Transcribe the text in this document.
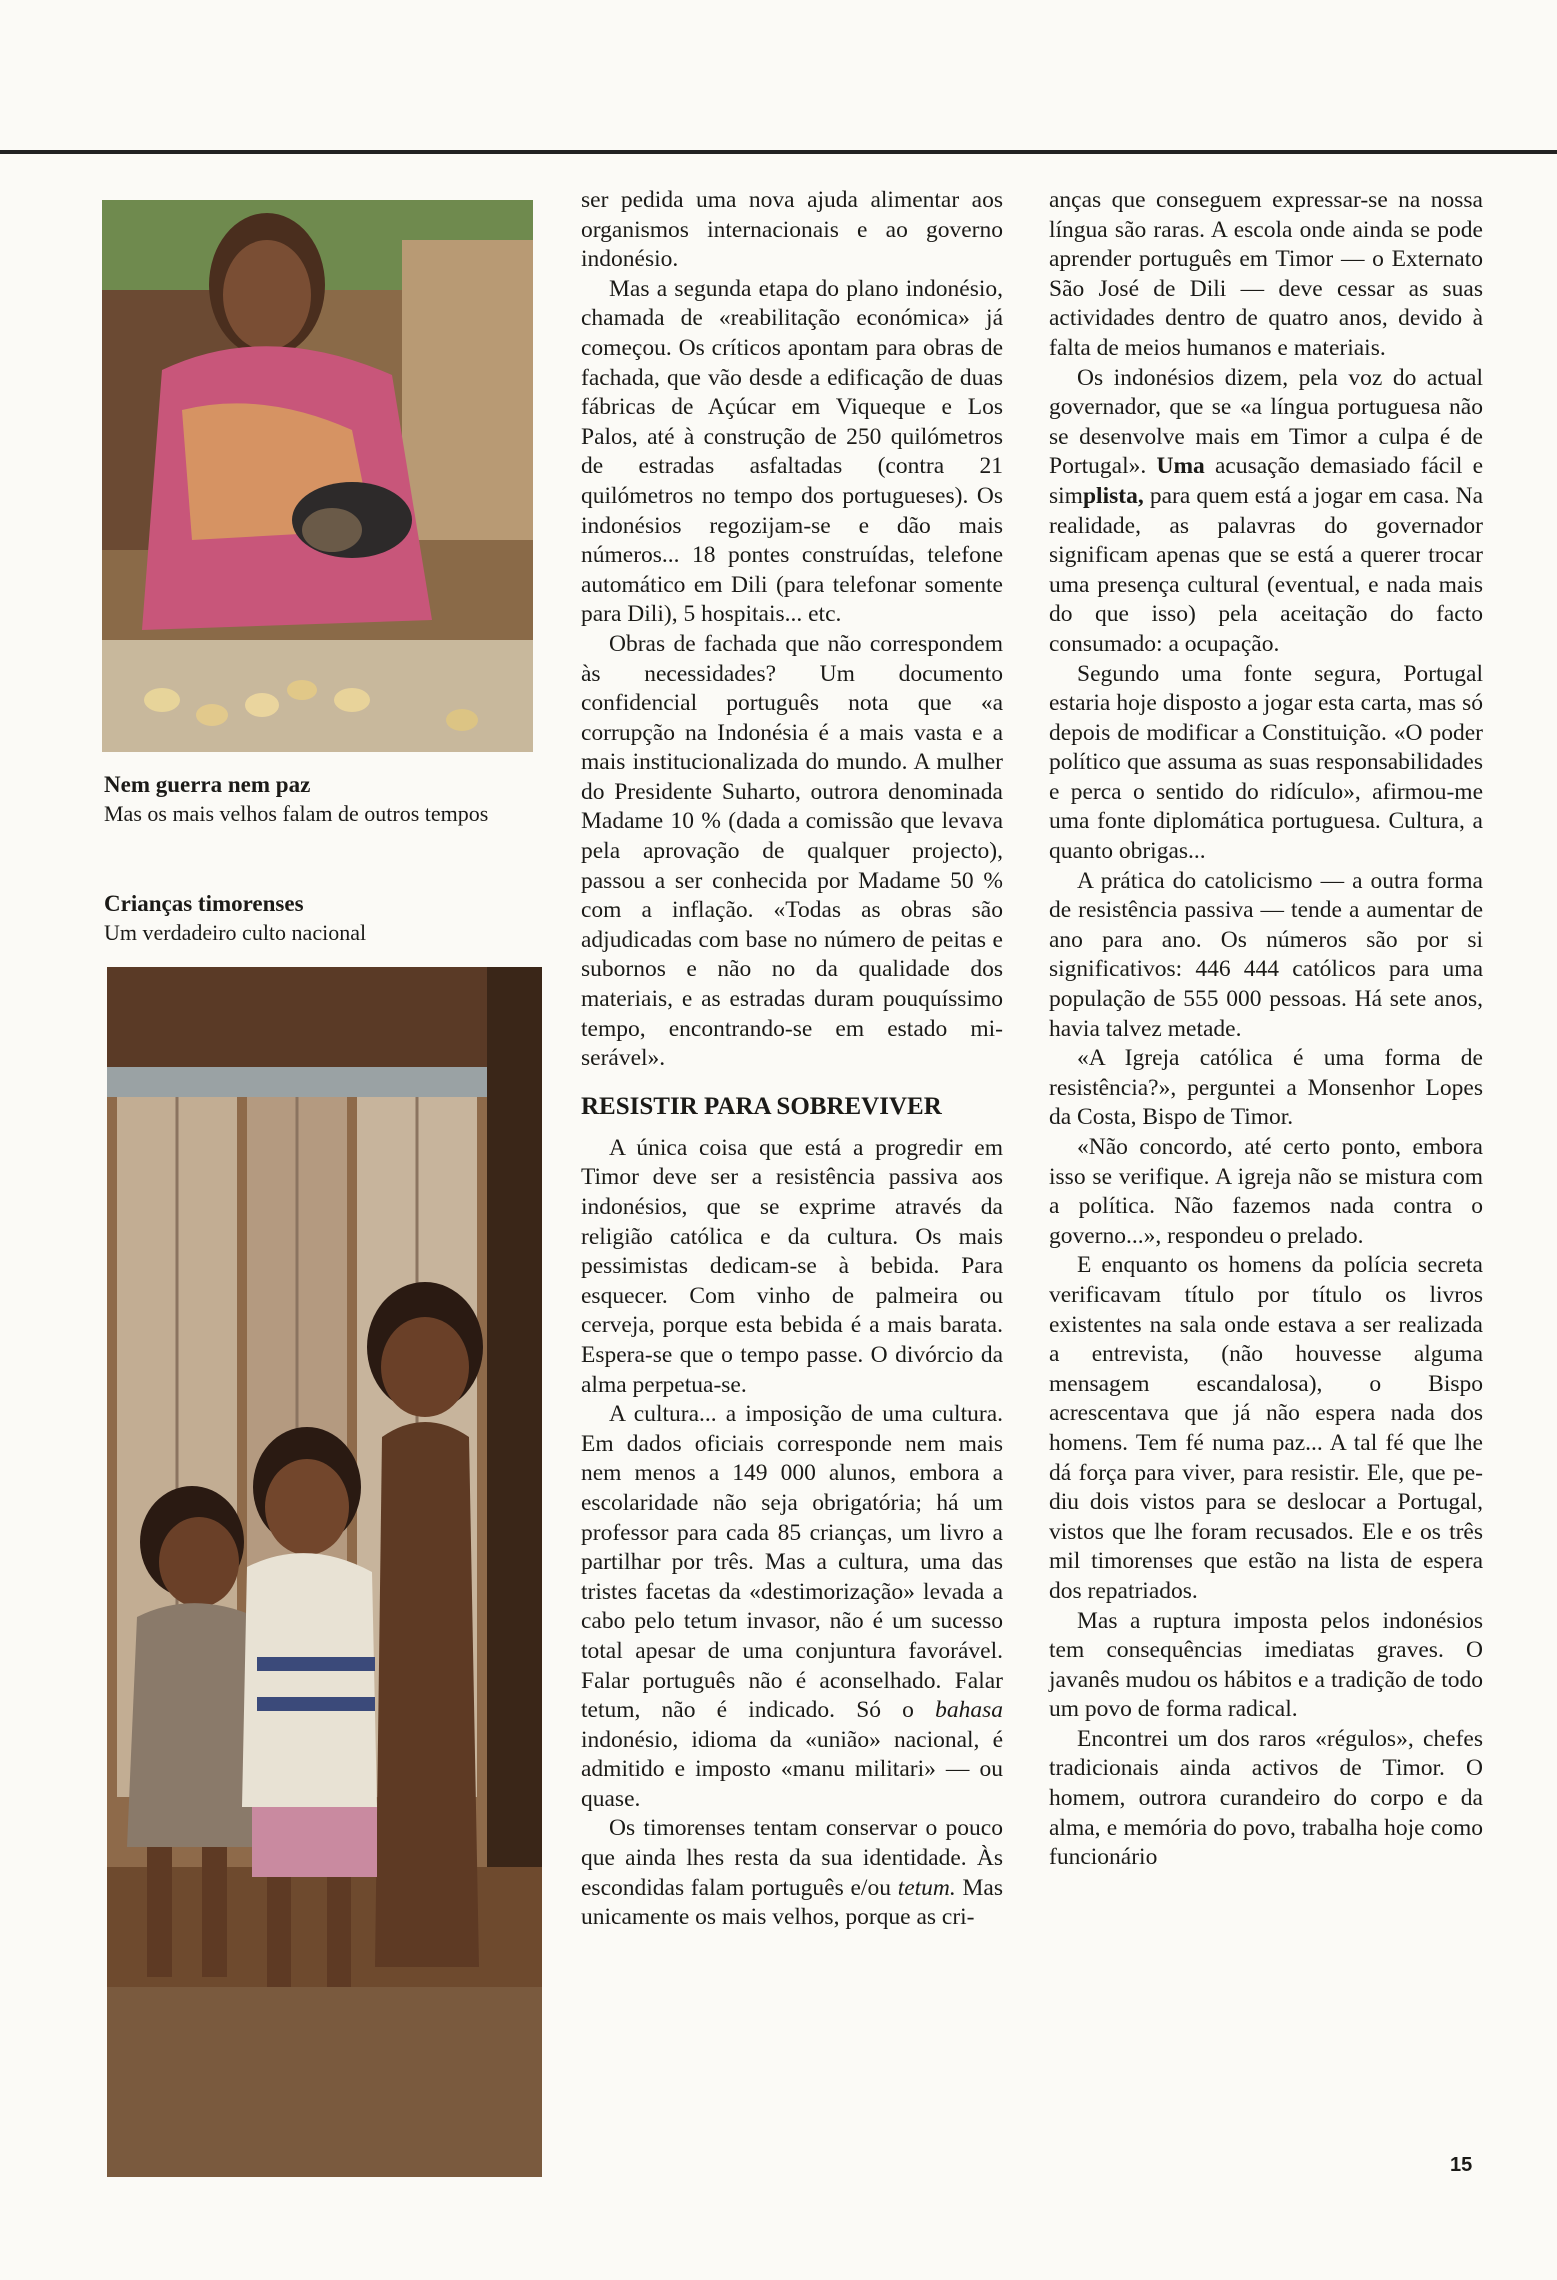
Nem guerra nem paz
Mas os mais velhos falam de outros tempos
Crianças timorenses
Um verdadeiro culto nacional

ser pedida uma nova ajuda alimentar aos organismos internacionais e ao governo indonésio.

Mas a segunda etapa do plano indonésio, chamada de «reabilitação económica» já começou. Os críticos apontam para obras de fachada, que vão desde a edificação de duas fábricas de Açúcar em Viqueque e Los Palos, até à construção de 250 quilómetros de estradas asfaltadas (contra 21 quilómetros no tempo dos portugueses). Os indonésios regozijam-se e dão mais números... 18 pontes construídas, telefone automático em Dili (para telefonar somente para Dili), 5 hospitais... etc.

Obras de fachada que não correspondem às necessidades? Um documento confidencial português nota que «a corrupção na Indonésia é a mais vasta e a mais institucionalizada do mundo. A mulher do Presidente Suharto, outrora denominada Madame 10 % (dada a comissão que levava pela aprovação de qualquer projecto), passou a ser conhecida por Madame 50 % com a inflação. «Todas as obras são adjudicadas com base no número de peitas e subornos e não no da qualidade dos materiais, e as estradas duram pouquíssimo tempo, encontrando-se em estado miserável».

RESISTIR PARA SOBREVIVER

A única coisa que está a progredir em Timor deve ser a resistência passiva aos indonésios, que se exprime através da religião católica e da cultura. Os mais pessimistas dedicam-se à bebida. Para esquecer. Com vinho de palmeira ou cerveja, porque esta bebida é a mais barata. Espera-se que o tempo passe. O divórcio da alma perpetua-se.

A cultura... a imposição de uma cultura. Em dados oficiais corresponde nem mais nem menos a 149 000 alunos, embora a escolaridade não seja obrigatória; há um professor para cada 85 crianças, um livro a partilhar por três. Mas a cultura, uma das tristes facetas da «destimorização» levada a cabo pelo tetum invasor, não é um sucesso total apesar de uma conjuntura favorável. Falar português não é aconselhado. Falar tetum, não é indicado. Só o bahasa indonésio, idioma da «união» nacional, é admitido e imposto «manu militari» — ou quase.

Os timorenses tentam conservar o pouco que ainda lhes resta da sua identidade. Às escondidas falam português e/ou tetum. Mas unicamente os mais velhos, porque as cri-

anças que conseguem expressar-se na nossa língua são raras. A escola onde ainda se pode aprender português em Timor — o Externato São José de Dili — deve cessar as suas actividades dentro de quatro anos, devido à falta de meios humanos e materiais.

Os indonésios dizem, pela voz do actual governador, que se «a língua portuguesa não se desenvolve mais em Timor a culpa é de Portugal». Uma acusação demasiado fácil e simplista, para quem está a jogar em casa. Na realidade, as palavras do governador significam apenas que se está a querer trocar uma presença cultural (eventual, e nada mais do que isso) pela aceitação do facto consumado: a ocupação.

Segundo uma fonte segura, Portugal estaria hoje disposto a jogar esta carta, mas só depois de modificar a Constituição. «O poder político que assuma as suas responsabilidades e perca o sentido do ridículo», afirmou-me uma fonte diplomática portuguesa. Cultura, a quanto obrigas...

A prática do catolicismo — a outra forma de resistência passiva — tende a aumentar de ano para ano. Os números são por si significativos: 446 444 católicos para uma população de 555 000 pessoas. Há sete anos, havia talvez metade.

«A Igreja católica é uma forma de resistência?», perguntei a Monsenhor Lopes da Costa, Bispo de Timor.

«Não concordo, até certo ponto, embora isso se verifique. A igreja não se mistura com a política. Não fazemos nada contra o governo...», respondeu o prelado.

E enquanto os homens da polícia secreta verificavam título por título os livros existentes na sala onde estava a ser realizada a entrevista, (não houvesse alguma mensagem escandalosa), o Bispo acrescentava que já não espera nada dos homens. Tem fé numa paz... A tal fé que lhe dá força para viver, para resistir. Ele, que pediu dois vistos para se deslocar a Portugal, vistos que lhe foram recusados. Ele e os três mil timorenses que estão na lista de espera dos repatriados.

Mas a ruptura imposta pelos indonésios tem consequências imediatas graves. O javanês mudou os hábitos e a tradição de todo um povo de forma radical.

Encontrei um dos raros «régulos», chefes tradicionais ainda activos de Timor. O homem, outrora curandeiro do corpo e da alma, e memória do povo, trabalha hoje como funcionário

15
